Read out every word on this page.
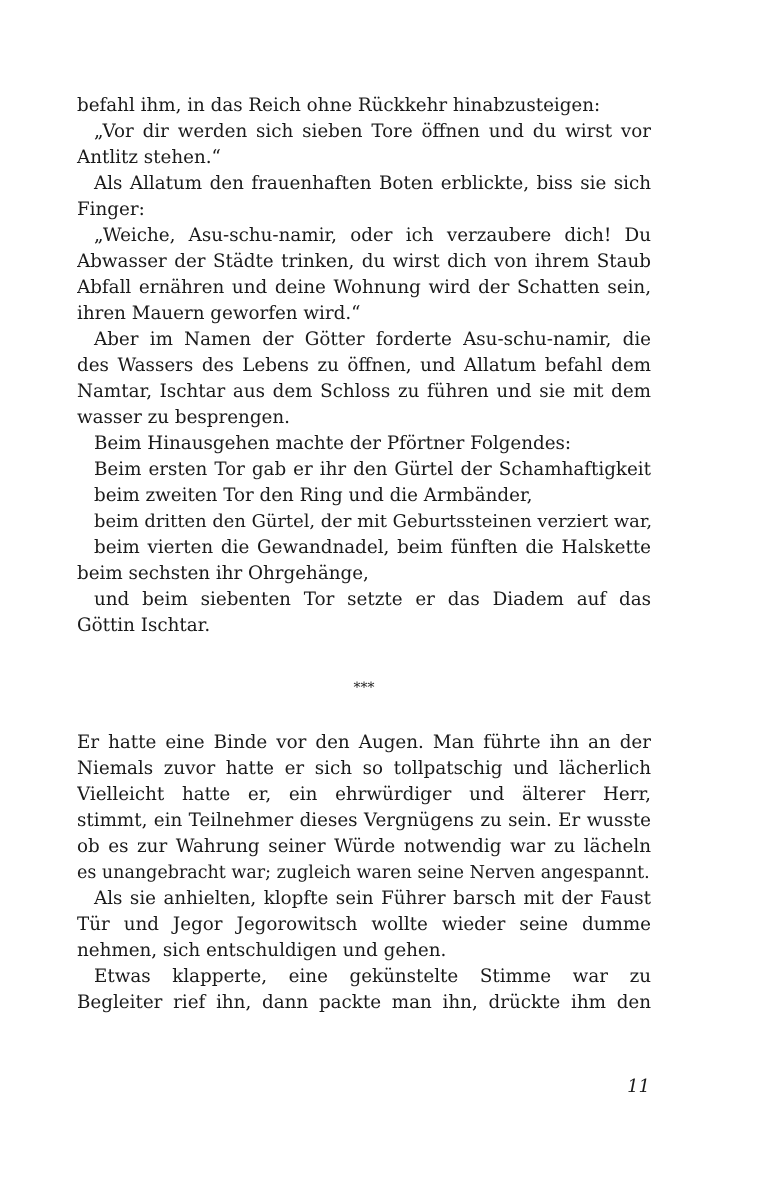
befahl ihm, in das Reich ohne Rückkehr hinabzusteigen:
„Vor dir werden sich sieben Tore öffnen und du wirst vor
Antlitz stehen.“
Als Allatum den frauenhaften Boten erblickte, biss sie sich
Finger:
„Weiche, Asu-schu-namir, oder ich verzaubere dich! Du
Abwasser der Städte trinken, du wirst dich von ihrem Staub
Abfall ernähren und deine Wohnung wird der Schatten sein,
ihren Mauern geworfen wird.“
Aber im Namen der Götter forderte Asu-schu-namir, die
des Wassers des Lebens zu öffnen, und Allatum befahl dem
Namtar, Ischtar aus dem Schloss zu führen und sie mit dem
wasser zu besprengen.
Beim Hinausgehen machte der Pförtner Folgendes:
Beim ersten Tor gab er ihr den Gürtel der Schamhaftigkeit
beim zweiten Tor den Ring und die Armbänder,
beim dritten den Gürtel, der mit Geburtssteinen verziert war,
beim vierten die Gewandnadel, beim fünften die Halskette
beim sechsten ihr Ohrgehänge,
und beim siebenten Tor setzte er das Diadem auf das
Göttin Ischtar.
***
Er hatte eine Binde vor den Augen. Man führte ihn an der
Niemals zuvor hatte er sich so tollpatschig und lächerlich
Vielleicht hatte er, ein ehrwürdiger und älterer Herr,
stimmt, ein Teilnehmer dieses Vergnügens zu sein. Er wusste
ob es zur Wahrung seiner Würde notwendig war zu lächeln
es unangebracht war; zugleich waren seine Nerven angespannt.
Als sie anhielten, klopfte sein Führer barsch mit der Faust
Tür und Jegor Jegorowitsch wollte wieder seine dumme
nehmen, sich entschuldigen und gehen.
Etwas klapperte, eine gekünstelte Stimme war zu
Begleiter rief ihn, dann packte man ihn, drückte ihm den
11
